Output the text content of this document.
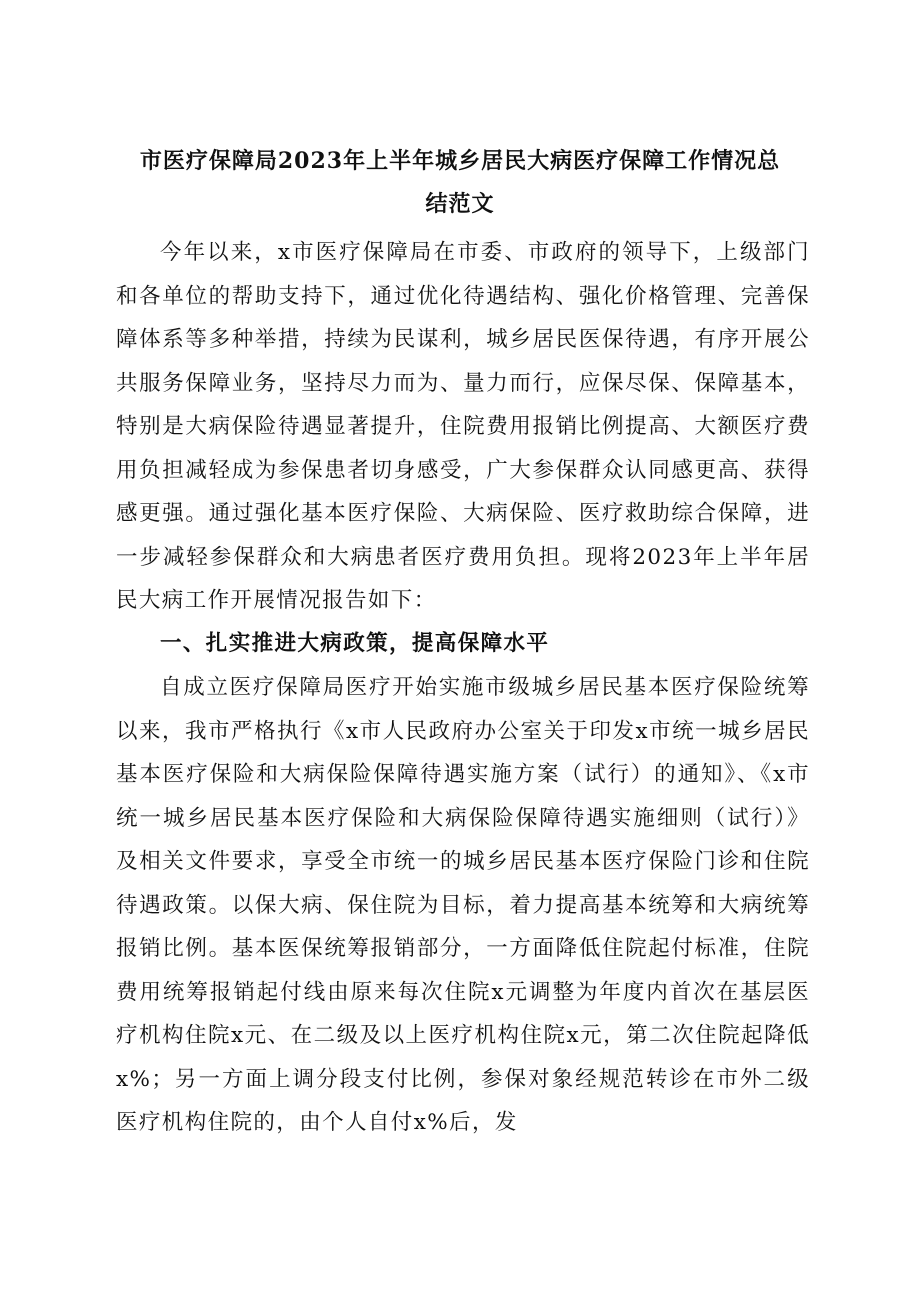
市医疗保障局2023年上半年城乡居民大病医疗保障工作情况总
结范文

今年以来，x市医疗保障局在市委、市政府的领导下，上级部门和各单位的帮助支持下，通过优化待遇结构、强化价格管理、完善保障体系等多种举措，持续为民谋利，城乡居民医保待遇，有序开展公共服务保障业务，坚持尽力而为、量力而行，应保尽保、保障基本，特别是大病保险待遇显著提升，住院费用报销比例提高、大额医疗费用负担减轻成为参保患者切身感受，广大参保群众认同感更高、获得感更强。通过强化基本医疗保险、大病保险、医疗救助综合保障，进一步减轻参保群众和大病患者医疗费用负担。现将2023年上半年居民大病工作开展情况报告如下：

一、扎实推进大病政策，提高保障水平

自成立医疗保障局医疗开始实施市级城乡居民基本医疗保险统筹以来，我市严格执行《x市人民政府办公室关于印发x市统一城乡居民基本医疗保险和大病保险保障待遇实施方案（试行）的通知》、《x市统一城乡居民基本医疗保险和大病保险保障待遇实施细则（试行）》及相关文件要求，享受全市统一的城乡居民基本医疗保险门诊和住院待遇政策。以保大病、保住院为目标，着力提高基本统筹和大病统筹报销比例。基本医保统筹报销部分，一方面降低住院起付标准，住院费用统筹报销起付线由原来每次住院x元调整为年度内首次在基层医疗机构住院x元、在二级及以上医疗机构住院x元，第二次住院起降低x%；另一方面上调分段支付比例，参保对象经规范转诊在市外二级医疗机构住院的，由个人自付x%后，发
